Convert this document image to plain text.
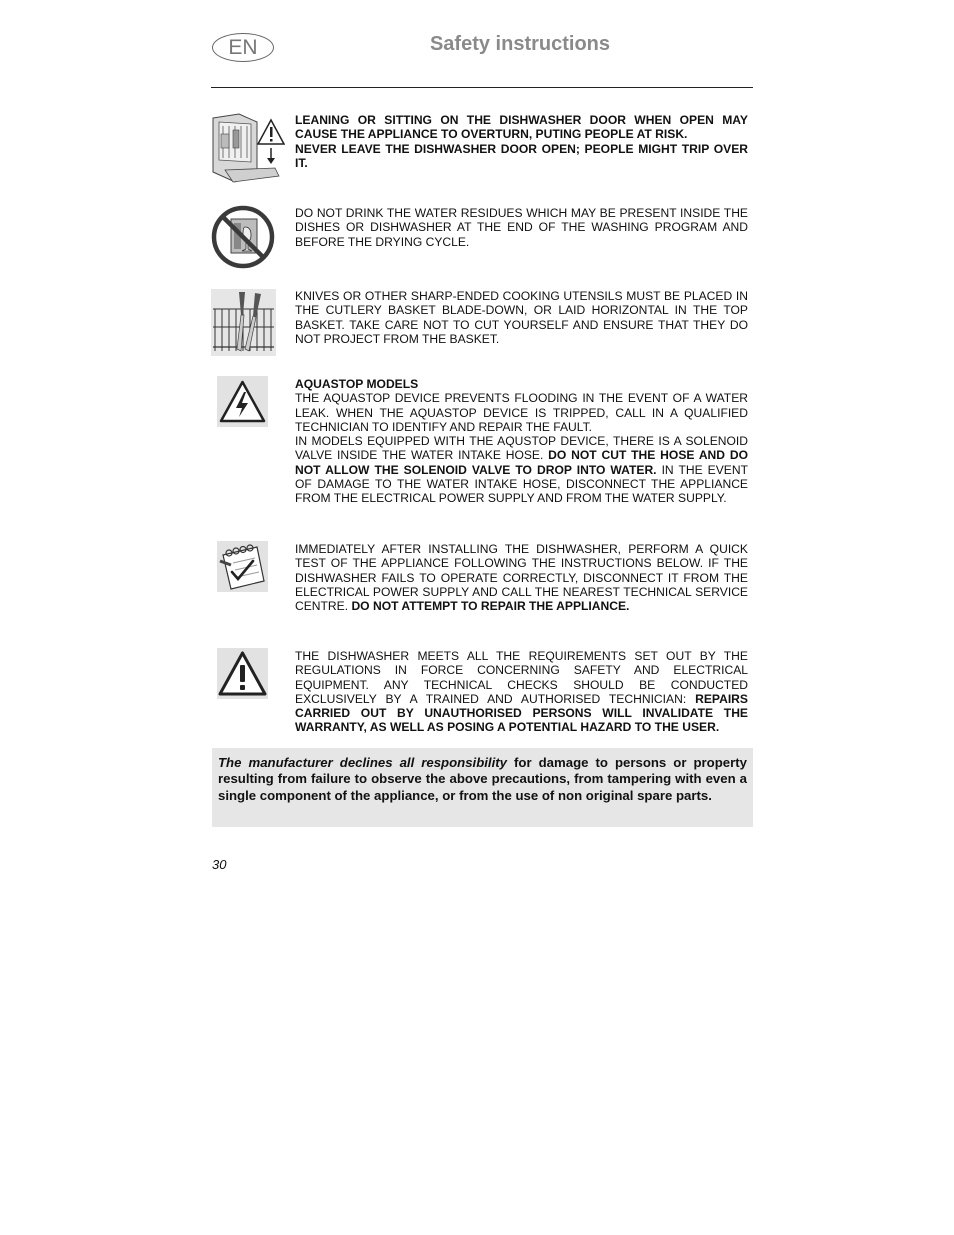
EN	Safety instructions

LEANING OR SITTING ON THE DISHWASHER DOOR WHEN OPEN MAY CAUSE THE APPLIANCE TO OVERTURN, PUTING PEOPLE AT RISK.

NEVER LEAVE THE DISHWASHER DOOR OPEN; PEOPLE MIGHT TRIP OVER IT.

DO NOT DRINK THE WATER RESIDUES WHICH MAY BE PRESENT INSIDE THE DISHES OR DISHWASHER AT THE END OF THE WASHING PROGRAM AND BEFORE THE DRYING CYCLE.
KNIVES OR OTHER SHARP-ENDED COOKING UTENSILS MUST BE PLACED IN THE CUTLERY BASKET BLADE-DOWN, OR LAID HORIZONTAL IN THE TOP BASKET. TAKE CARE NOT TO CUT YOURSELF AND ENSURE THAT THEY DO NOT PROJECT FROM THE BASKET.

AQUASTOP MODELS

THE AQUASTOP DEVICE PREVENTS FLOODING IN THE EVENT OF A WATER LEAK. WHEN THE AQUASTOP DEVICE IS TRIPPED, CALL IN A QUALIFIED TECHNICIAN TO IDENTIFY AND REPAIR THE FAULT.

IN MODELS EQUIPPED WITH THE AQUSTOP DEVICE, THERE IS A SOLENOID VALVE INSIDE THE WATER INTAKE HOSE. DO NOT CUT THE HOSE AND DO NOT ALLOW THE SOLENOID VALVE TO DROP INTO WATER. IN THE EVENT OF DAMAGE TO THE WATER INTAKE HOSE, DISCONNECT THE APPLIANCE FROM THE ELECTRICAL POWER SUPPLY AND FROM THE WATER SUPPLY.

IMMEDIATELY AFTER INSTALLING THE DISHWASHER, PERFORM A QUICK TEST OF THE APPLIANCE FOLLOWING THE INSTRUCTIONS BELOW. IF THE DISHWASHER FAILS TO OPERATE CORRECTLY, DISCONNECT IT FROM THE ELECTRICAL POWER SUPPLY AND CALL THE NEAREST TECHNICAL SERVICE CENTRE. DO NOT ATTEMPT TO REPAIR THE APPLIANCE.
THE DISHWASHER MEETS ALL THE REQUIREMENTS SET OUT BY THE REGULATIONS IN FORCE CONCERNING SAFETY AND ELECTRICAL EQUIPMENT. ANY TECHNICAL CHECKS SHOULD BE CONDUCTED EXCLUSIVELY BY A TRAINED AND AUTHORISED TECHNICIAN: REPAIRS CARRIED OUT BY UNAUTHORISED PERSONS WILL INVALIDATE THE WARRANTY, AS WELL AS POSING A POTENTIAL HAZARD TO THE USER.
The manufacturer declines all responsibility for damage to persons or property resulting from failure to observe the above precautions, from tampering with even a single component of the appliance, or from the use of non original spare parts.
30
